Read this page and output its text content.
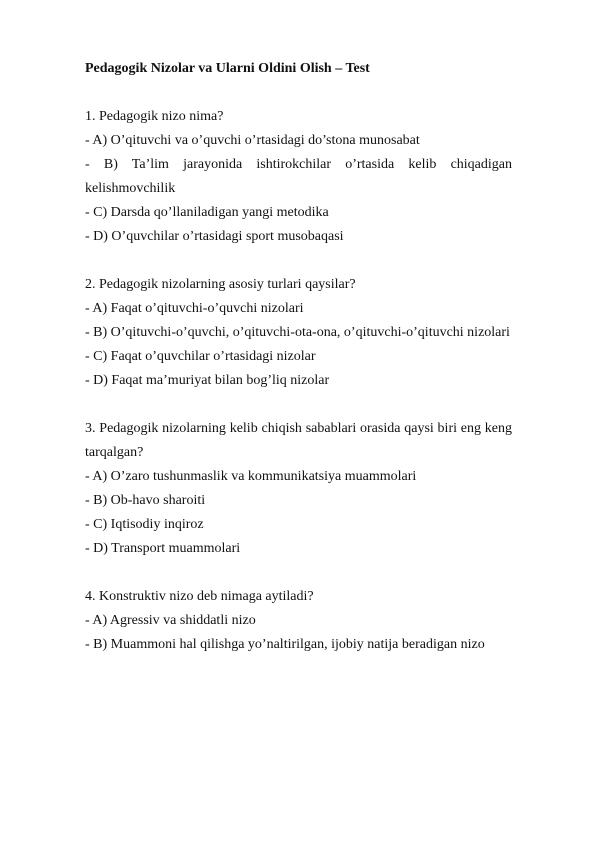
Pedagogik Nizolar va Ularni Oldini Olish – Test

1. Pedagogik nizo nima?

- A) O’qituvchi va o’quvchi o’rtasidagi do’stona munosabat

- B) Ta’lim jarayonida ishtirokchilar o’rtasida kelib chiqadigan kelishmovchilik

- C) Darsda qo’llaniladigan yangi metodika

- D) O’quvchilar o’rtasidagi sport musobaqasi

2. Pedagogik nizolarning asosiy turlari qaysilar?

- A) Faqat o’qituvchi-o’quvchi nizolari

- B) O’qituvchi-o’quvchi, o’qituvchi-ota-ona, o’qituvchi-o’qituvchi nizolari

- C) Faqat o’quvchilar o’rtasidagi nizolar

- D) Faqat ma’muriyat bilan bog’liq nizolar

3. Pedagogik nizolarning kelib chiqish sabablari orasida qaysi biri eng keng tarqalgan?

- A) O’zaro tushunmaslik va kommunikatsiya muammolari

- B) Ob-havo sharoiti

- C) Iqtisodiy inqiroz

- D) Transport muammolari

4. Konstruktiv nizo deb nimaga aytiladi?

- A) Agressiv va shiddatli nizo

- B) Muammoni hal qilishga yo’naltirilgan, ijobiy natija beradigan nizo
